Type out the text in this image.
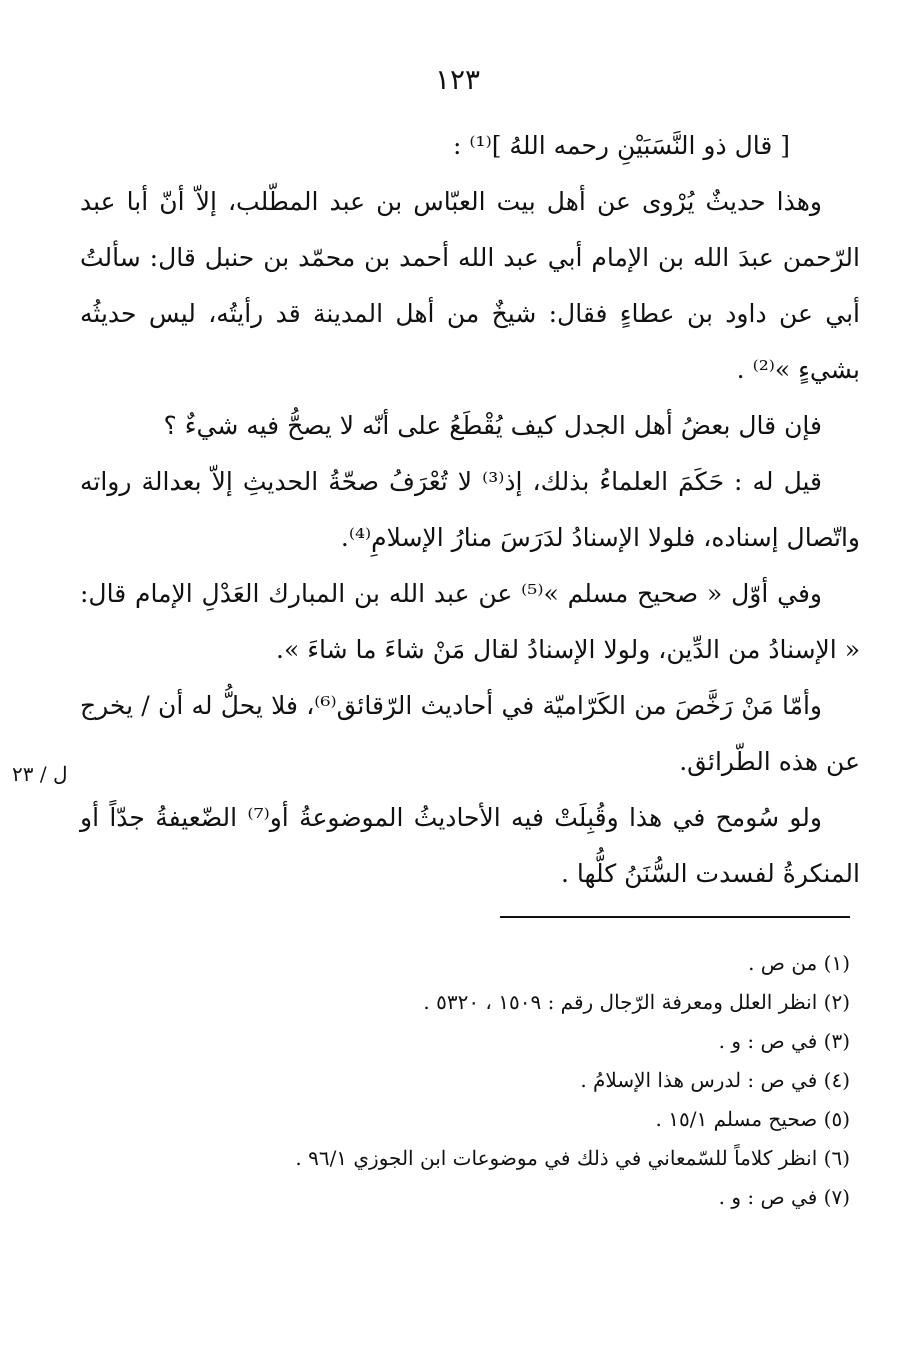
١٢٣

[ قال ذو النَّسَبَيْنِ رحمه اللهُ ]⁽¹⁾ :

وهذا حديثٌ يُرْوى عن أهل بيت العبّاس بن عبد المطّلب، إلاّ أنّ أبا عبد الرّحمن عبدَ الله بن الإمام أبي عبد الله أحمد بن محمّد بن حنبل قال: سألتُ أبي عن داود بن عطاءٍ فقال: شيخٌ من أهل المدينة قد رأيتُه، ليس حديثُه بشيءٍ »⁽²⁾ .

فإن قال بعضُ أهل الجدل كيف يُقْطَعُ على أنّه لا يصحُّ فيه شيءٌ ؟

قيل له : حَكَمَ العلماءُ بذلك، إذ⁽³⁾ لا تُعْرَفُ صحّةُ الحديثِ إلاّ بعدالة رواته واتّصال إسناده، فلولا الإسنادُ لدَرَسَ منارُ الإسلامِ⁽⁴⁾.

وفي أوّل « صحيح مسلم »⁽⁵⁾ عن عبد الله بن المبارك العَدْلِ الإمام قال: « الإسنادُ من الدِّين، ولولا الإسنادُ لقال مَنْ شاءَ ما شاءَ ».

وأمّا مَنْ رَخَّصَ من الكَرّاميّة في أحاديث الرّقائق⁽⁶⁾، فلا يحلُّ له أن / يخرج عن هذه الطّرائق.

ولو سُومح في هذا وقُبِلَتْ فيه الأحاديثُ الموضوعةُ أو⁽⁷⁾ الضّعيفةُ جدّاً أو المنكرةُ لفسدت السُّنَنُ كلُّها .

ل / ٢٣
(١) من ص .
(٢) انظر العلل ومعرفة الرّجال رقم : ١٥٠٩ ، ٥٣٢٠ .
(٣) في ص : و .
(٤) في ص : لدرس هذا الإسلامُ .
(٥) صحيح مسلم ١٥/١ .
(٦) انظر كلاماً للسّمعاني في ذلك في موضوعات ابن الجوزي ٩٦/١ .
(٧) في ص : و .
